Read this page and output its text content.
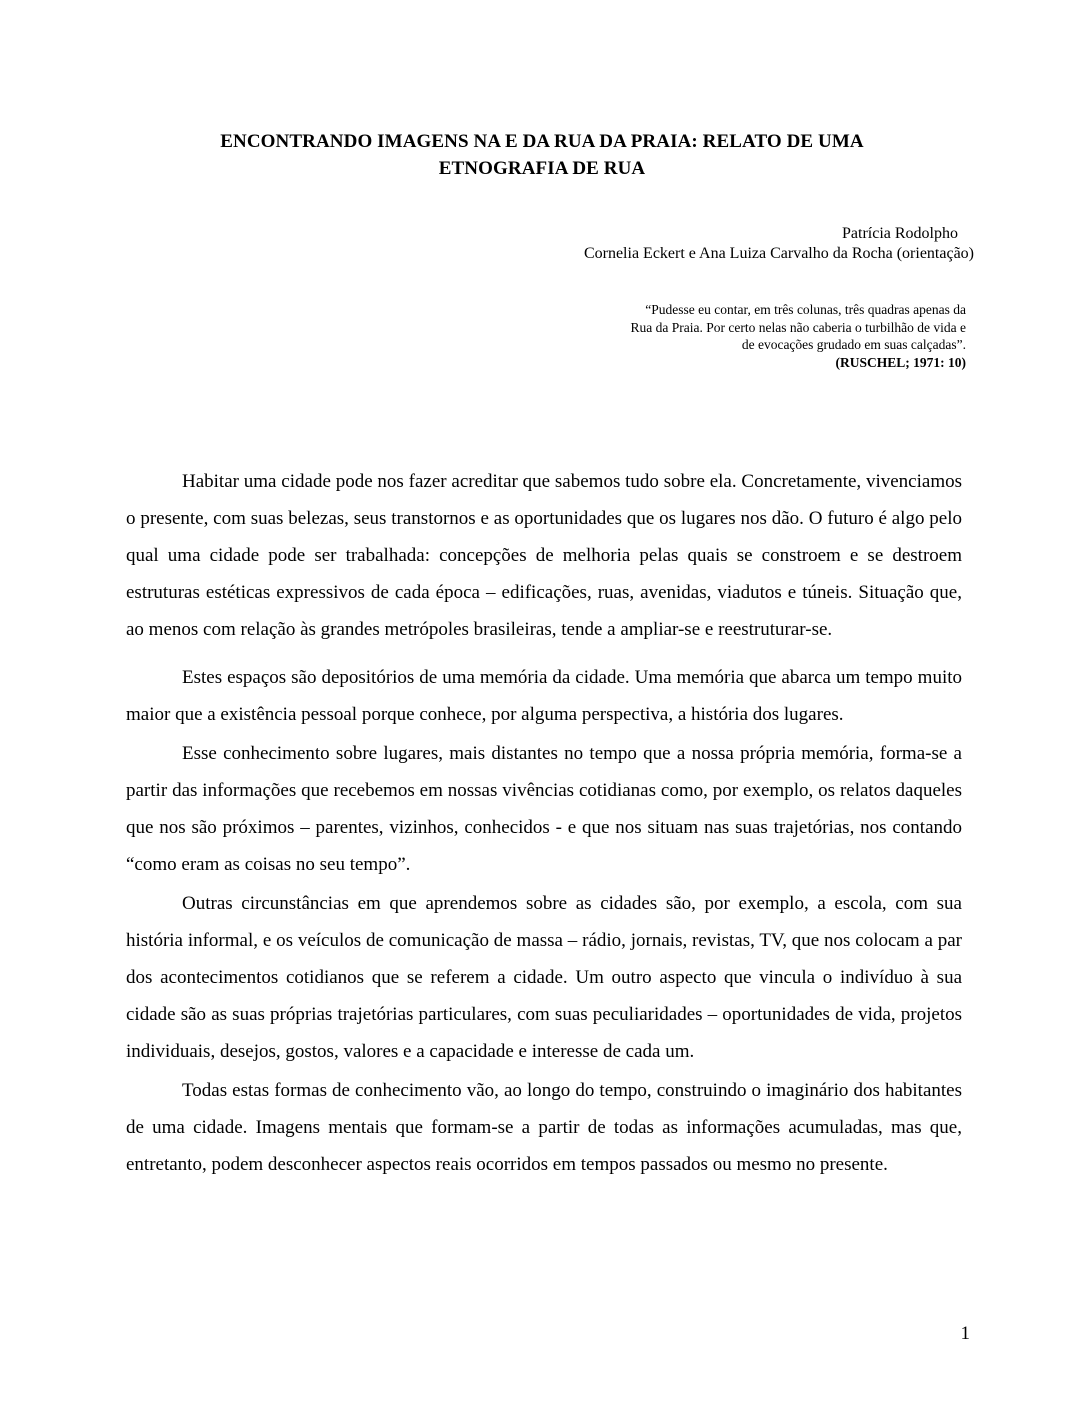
ENCONTRANDO IMAGENS NA E DA RUA DA PRAIA: RELATO DE UMA
ETNOGRAFIA DE RUA
Patrícia Rodolpho
Cornelia Eckert e Ana Luiza Carvalho da Rocha (orientação)
“Pudesse eu contar, em três colunas, três quadras apenas da
Rua da Praia. Por certo nelas não caberia o turbilhão de vida e
de evocações grudado em suas calçadas”.
(RUSCHEL; 1971: 10)

Habitar uma cidade pode nos fazer acreditar que sabemos tudo sobre ela. Concretamente, vivenciamos o presente, com suas belezas, seus transtornos e as oportunidades que os lugares nos dão. O futuro é algo pelo qual uma cidade pode ser trabalhada: concepções de melhoria pelas quais se constroem e se destroem estruturas estéticas expressivos de cada época – edificações, ruas, avenidas, viadutos e túneis. Situação que, ao menos com relação às grandes metrópoles brasileiras, tende a ampliar-se e reestruturar-se.

Estes espaços são depositórios de uma memória da cidade. Uma memória que abarca um tempo muito maior que a existência pessoal porque conhece, por alguma perspectiva, a história dos lugares.

Esse conhecimento sobre lugares, mais distantes no tempo que a nossa própria memória, forma-se a partir das informações que recebemos em nossas vivências cotidianas como, por exemplo, os relatos daqueles que nos são próximos – parentes, vizinhos, conhecidos - e que nos situam nas suas trajetórias, nos contando “como eram as coisas no seu tempo”.

Outras circunstâncias em que aprendemos sobre as cidades são, por exemplo, a escola, com sua história informal, e os veículos de comunicação de massa – rádio, jornais, revistas, TV, que nos colocam a par dos acontecimentos cotidianos que se referem a cidade. Um outro aspecto que vincula o indivíduo à sua cidade são as suas próprias trajetórias particulares, com suas peculiaridades – oportunidades de vida, projetos individuais, desejos, gostos, valores e a capacidade e interesse de cada um.

Todas estas formas de conhecimento vão, ao longo do tempo, construindo o imaginário dos habitantes de uma cidade. Imagens mentais que formam-se a partir de todas as informações acumuladas, mas que, entretanto, podem desconhecer aspectos reais ocorridos em tempos passados ou mesmo no presente.

1
